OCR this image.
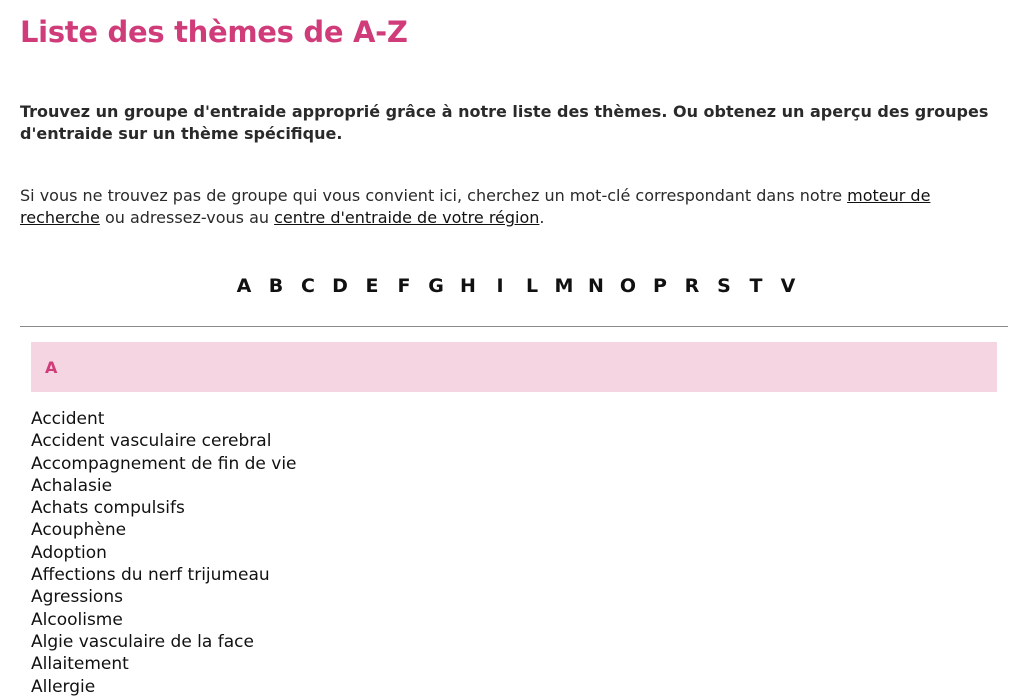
Liste des thèmes de A-Z

Trouvez un groupe d'entraide approprié grâce à notre liste des thèmes. Ou obtenez un aperçu des groupes d'entraide sur un thème spécifique.

Si vous ne trouvez pas de groupe qui vous convient ici, cherchez un mot-clé correspondant dans notre moteur de recherche ou adressez-vous au centre d'entraide de votre région.

A B C D E	F G H	I	L M N O P R S T V
A
Accident
Accident vasculaire cerebral
Accompagnement de fin de vie
Achalasie
Achats compulsifs
Acouphène
Adoption
Affections du nerf trijumeau
Agressions
Alcoolisme
Algie vasculaire de la face
Allaitement
Allergie
